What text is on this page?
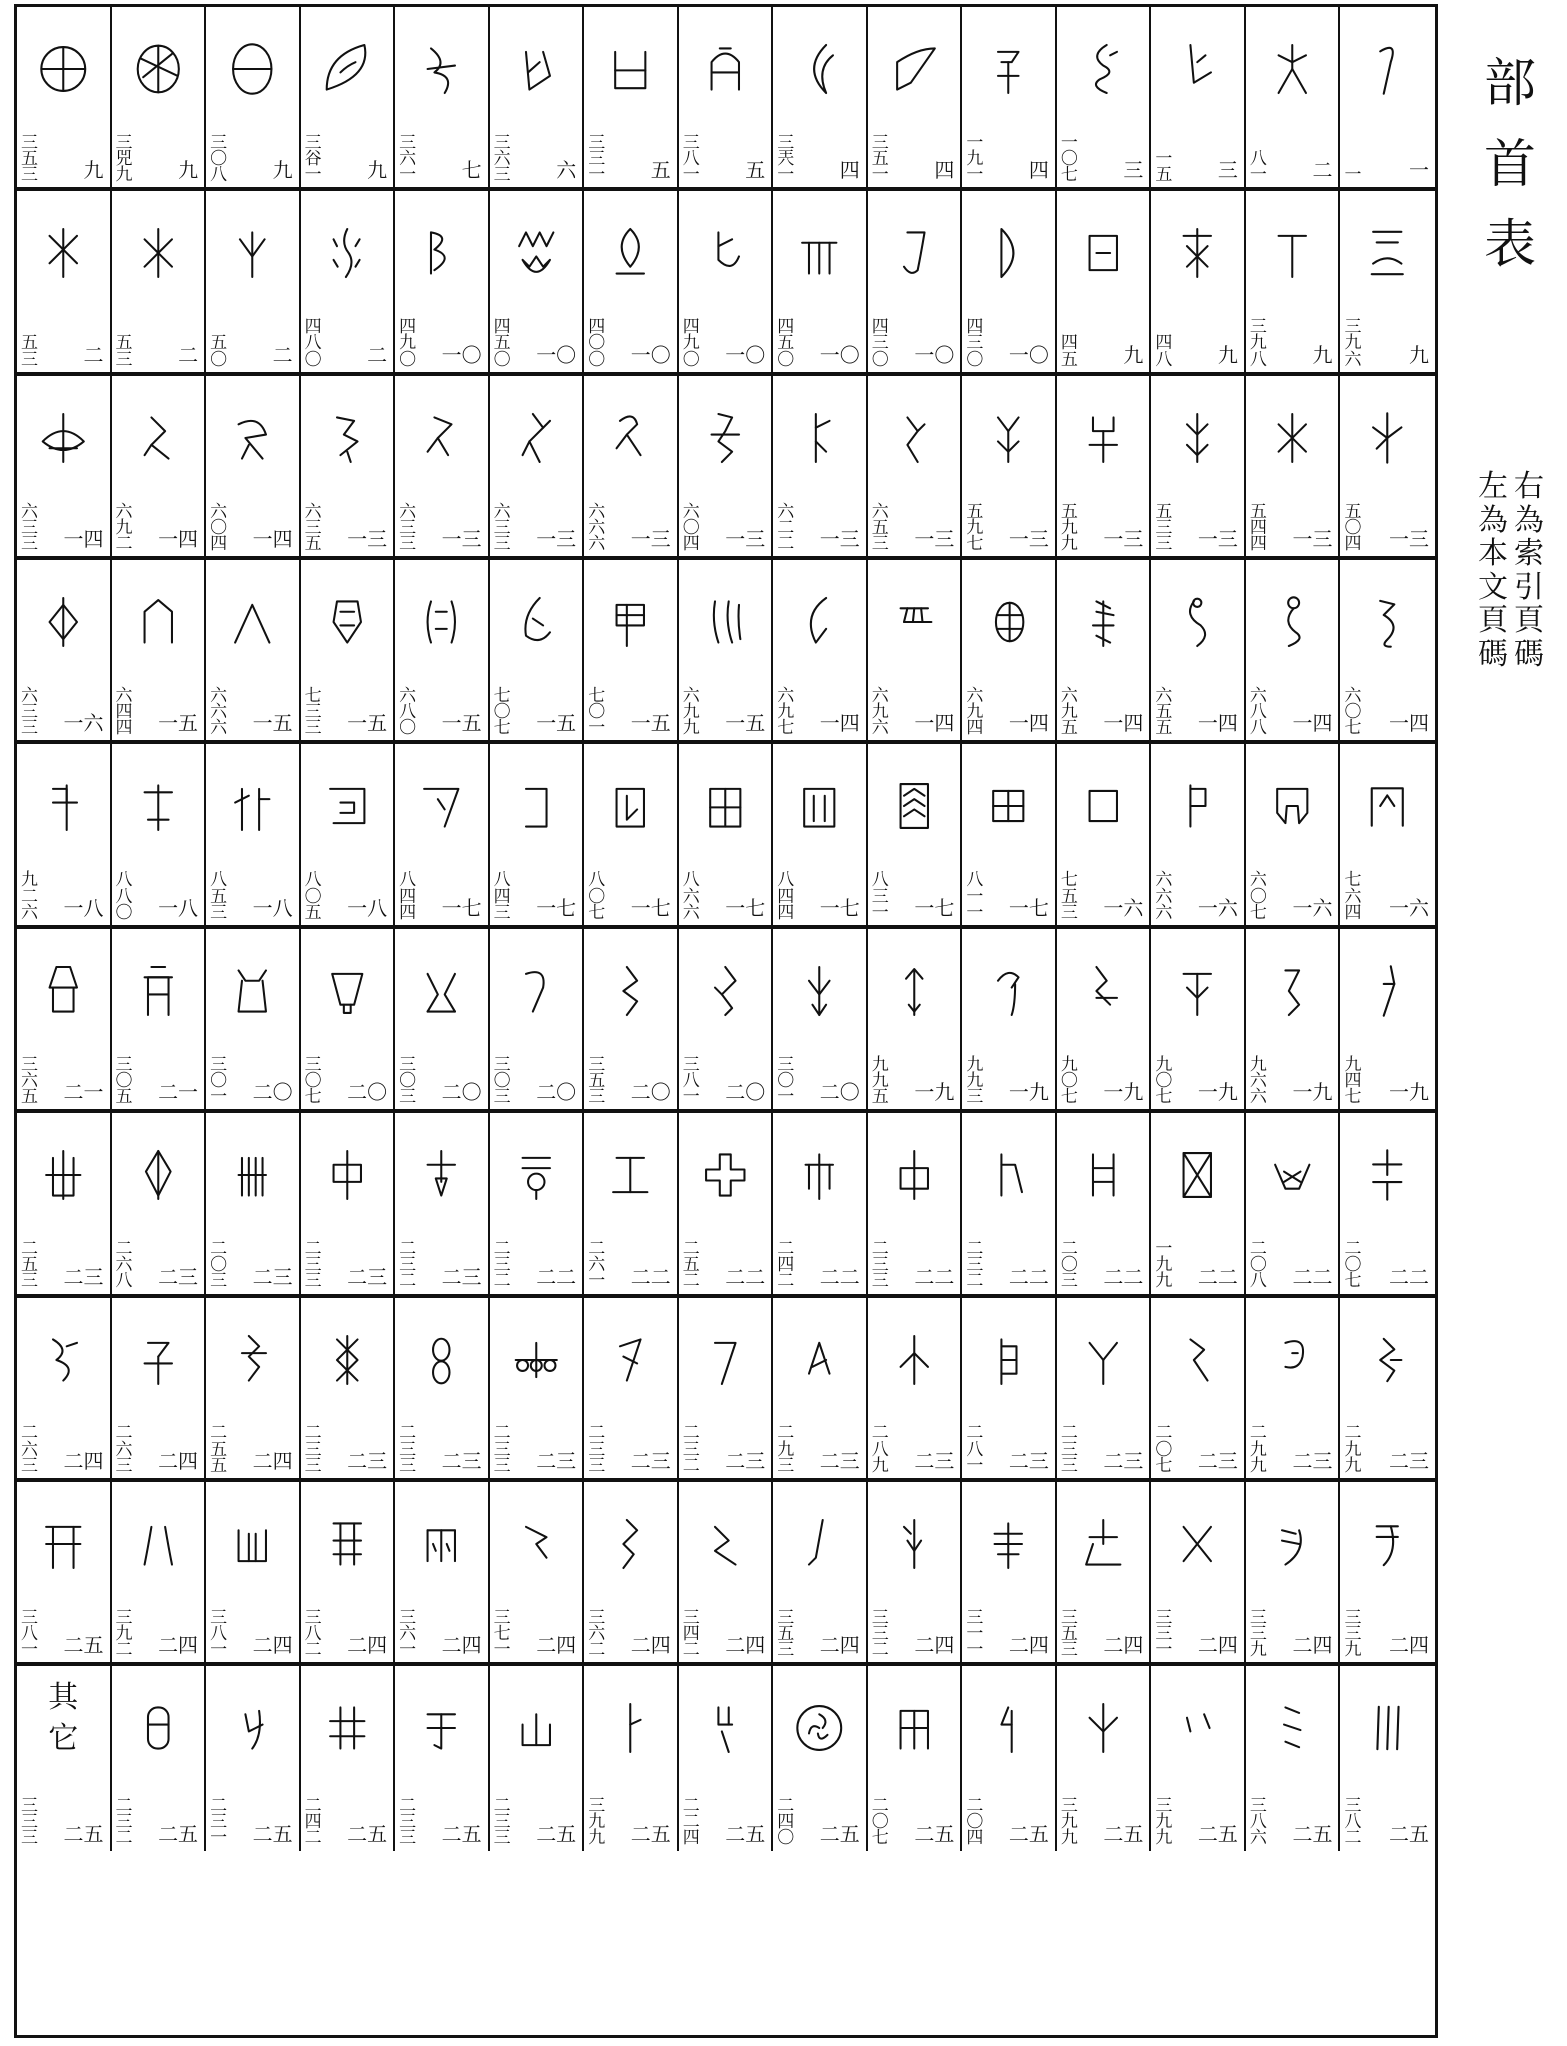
三
五
三 九
三
兕
九 九
三
〇
八 九
三
谷
一 九
三
六
一 七
三
六
三 六
三
三
一 五
三
八
一 五
三
兲
一 四
三
五
一 四
一
九
一 四
一
〇
七 三 一
五 三 八
一 二 一 一
五
三 二 五
三 二 五
〇 二
四
八
〇 二
四
九
〇 一〇
四
五
〇 一〇
四
〇
〇 一〇
四
九
〇 一〇
四
五
〇 一〇
四
三
〇 一〇
四
三
〇 一〇 四
五 九 四
八 九
三
九
八 九
三
九
六 九
六
三
三 一四
六
九
二 一四
六
〇
四 一四
六
三
五 一三
六
三
三 一三
六
三
三 一三
六
六
六 一三
六
〇
四 一三
六
二
二 一三
六
五
三 一三
五
九
七 一三
五
九
九 一三
五
三
三 一三
五
四
四 一三
五
〇
四 一三
六
三
三 一六
六
四
四 一五
六
六
六 一五
七
三
三 一五
六
八
〇 一五
七
〇
七 一五
七
〇
一 一五
六
九
九 一五
六
九
七 一四
六
九
六 一四
六
九
四 一四
六
九
五 一四
六
五
五 一四
六
八
八 一四
六
〇
七 一四
九
二
六 一八
八
八
〇 一八
八
五
三 一八
八
〇
五 一八
八
四
四 一七
八
四
三 一七
八
〇
七 一七
八
六
六 一七
八
四
四 一七
八
三
一 一七
八
一
一 一七
七
五
三 一六
六
六
六 一六
六
〇
七 一六
七
六
四 一六
三
六
五 二一
三
〇
五 二一
三
〇
一 二〇
三
〇
七 二〇
三
〇
三 二〇
三
〇
三 二〇
三
五
三 二〇
三
八
一 二〇
三
〇
一 二〇
九
九
五 一九
九
九
三 一九
九
〇
七 一九
九
〇
七 一九
九
六
六 一九
九
四
七 一九
二
五
三 二三
二
六
八 二三
二
〇
三 二三
二
三
三 二三
二
三
二 二三
二
三
二 二二
二
六
一 二二
二
五
二 二二
二
四
二 二二
二
三
三 二二
二
三
二 二二
二
〇
三 二二
一
九
九 二二
二
〇
八 二二
二
〇
七 二二
二
六
三 二四
二
六
三 二四
二
五
五 二四
二
三
三 二三
二
三
三 二三
二
三
三 二三
二
三
三 二三
二
三
二 二三
二
九
三 二三
二
八
九 二三
二
八
一 二三
二
三
三 二三
二
〇
七 二三
二
九
九 二三
二
九
九 二三
三
八
一 二五
三
九
二 二四
三
八
一 二四
三
八
二 二四
三
六
一 二四
三
七
一 二四
三
六
二 二四
三
四
二 二四
三
五
三 二四
三
三
二 二四
三
一
一 二四
三
五
三 二四
三
三
一 二四
三
三
九 二四
三
三
九 二四
其
它
三
三
三 二五
二
三
二 二五
二
三
一 二五
二
四
二 二五
二
三
三 二五
二
三
三 二五
三
九
九 二五
二
二
四 二五
二
四
〇 二五
二
〇
七 二五
二
〇
四 二五
三
九
九 二五
三
九
九 二五
三
八
六 二五
三
八
二 二五
部
首
表
右
為
索
引
頁
碼
左
為
本
文
頁
碼
